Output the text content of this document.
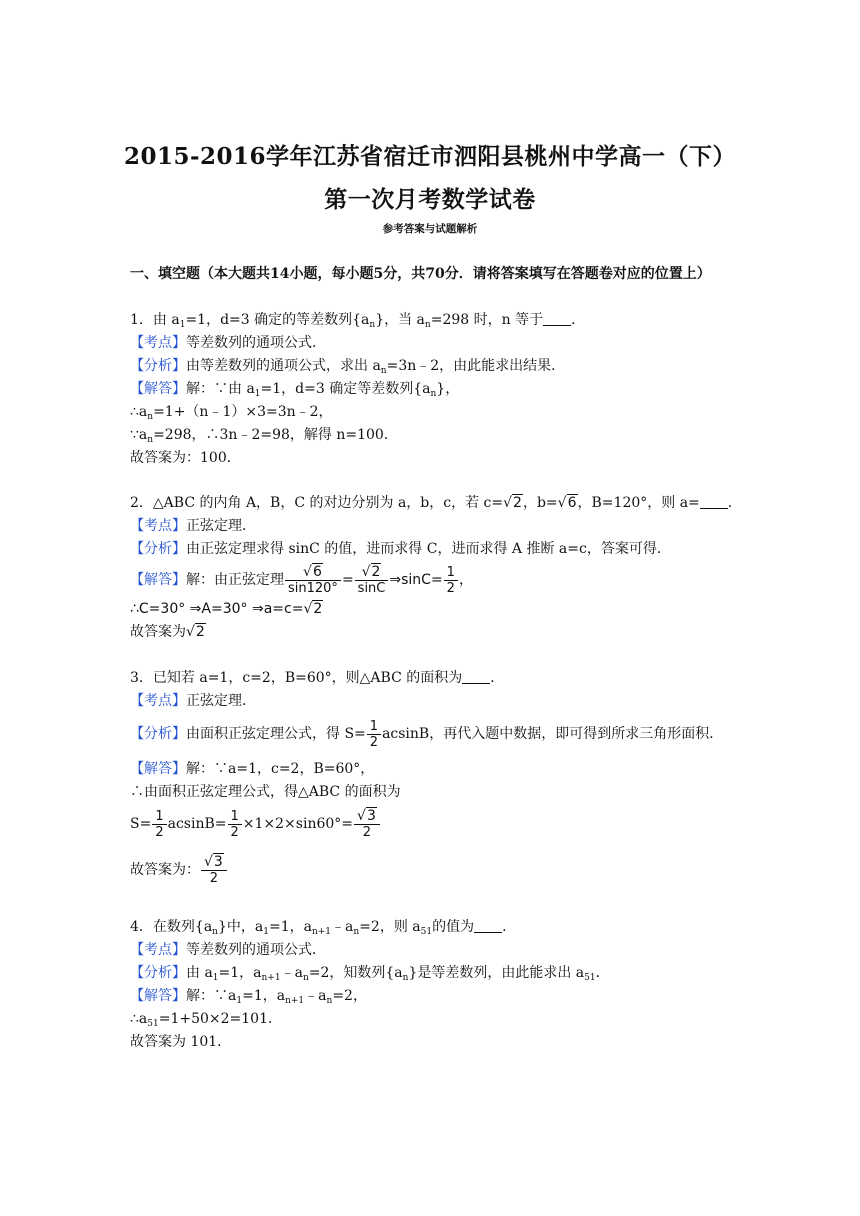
2015-2016学年江苏省宿迁市泗阳县桃州中学高一（下）
第一次月考数学试卷
参考答案与试题解析
一、填空题（本大题共14小题，每小题5分，共70分．请将答案填写在答题卷对应的位置上）
1．由 $a_1=1$，d=3 确定的等差数列$\{a_n\}$，当 $a_n=298$ 时，n 等于 ．
【考点】等差数列的通项公式．
【分析】由等差数列的通项公式，求出 $a_n=3n﹣2$，由此能求出结果．
【解答】解：∵由 $a_1=1$，d=3 确定等差数列$\{a_n\}$，
$\therefore a_n=1+(n﹣1)\times 3=3n﹣2$，
$\because a_n=298$，∴3n﹣2=98，解得 n=100．
故答案为：100．
2．△ABC 的内角 A，B，C 的对边分别为 a，b，c，若 c=√2，b=√6，B=120°，则 a= ．
【考点】正弦定理．
【分析】由正弦定理求得 sinC 的值，进而求得 C，进而求得 A 推断 a=c，答案可得．
【解答】解：由正弦定理 $\frac{√6}{\sin 120^\circ} = \frac{√2}{\sin C}$ ⇒sinC= $\frac{1}{2}$ ，
∴C=30° ⇒A=30° ⇒a=c=√2
故答案为√2
3．已知若 a=1，c=2，B=60°，则△ABC 的面积为 ．
【考点】正弦定理．
【分析】由面积正弦定理公式，得 $S= \frac{1}{2}$ acsinB，再代入题中数据，即可得到所求三角形面积．
【解答】解：∵a=1，c=2，B=60°，
∴由面积正弦定理公式，得△ABC 的面积为
$S= \frac{1}{2} acsinB= \frac{1}{2} \times 1\times 2\times\sin 60^\circ= \frac{√3}{2}$
故答案为： $\frac{√3}{2}$
4．在数列$\{a_n\}$中，$a_1=1$，$a_{n+1}﹣a_n=2$，则 $a_{51}$的值为 ．
【考点】等差数列的通项公式．
【分析】由 $a_1=1$，$a_{n+1}﹣a_n=2$，知数列$\{a_n\}$是等差数列，由此能求出 $a_{51}$．
【解答】解：$\because a_1=1$，$a_{n+1}﹣a_n=2$，
$\therefore a_{51}=1+50\times 2=101$．
故答案为 101．
